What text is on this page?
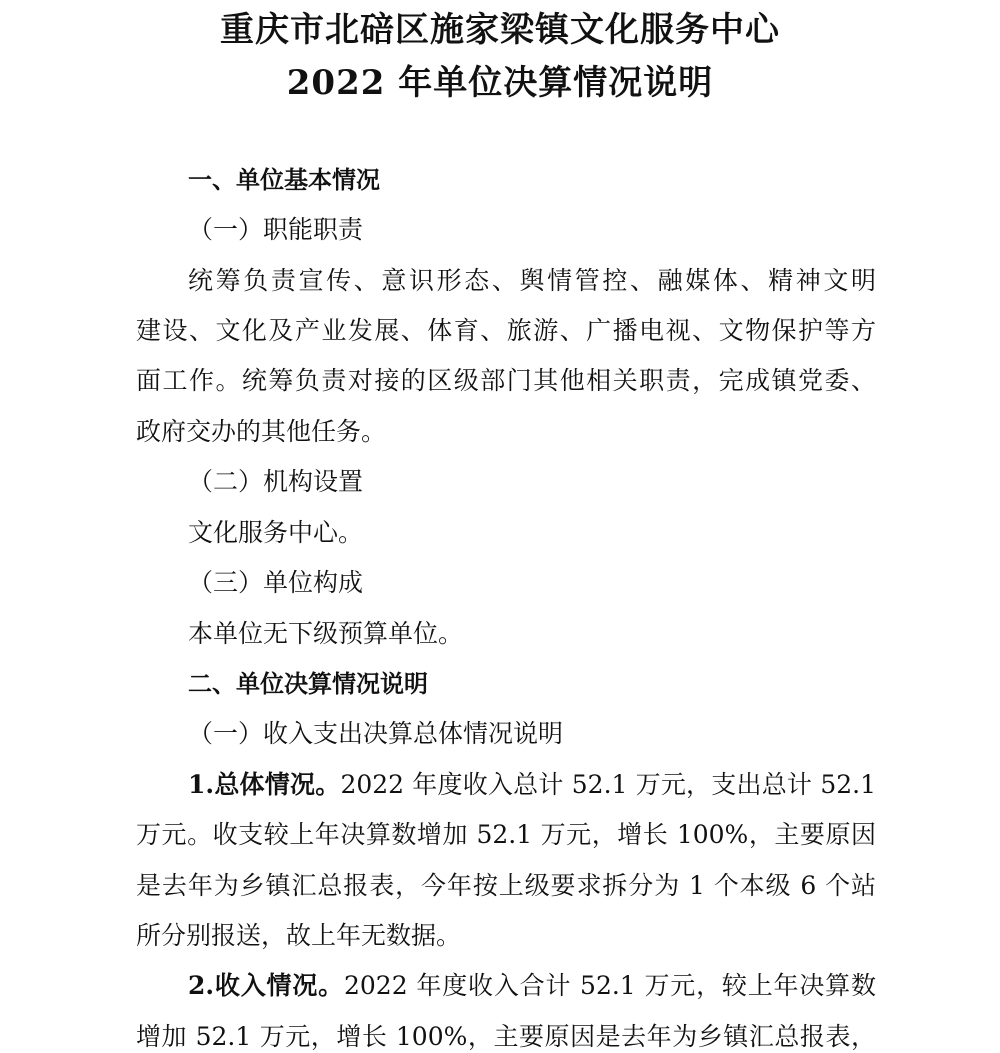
重庆市北碚区施家梁镇文化服务中心
2022 年单位决算情况说明
一、单位基本情况
（一）职能职责
统筹负责宣传、意识形态、舆情管控、融媒体、精神文明
建设、文化及产业发展、体育、旅游、广播电视、文物保护等方
面工作。统筹负责对接的区级部门其他相关职责，完成镇党委、
政府交办的其他任务。
（二）机构设置
文化服务中心。
（三）单位构成
本单位无下级预算单位。
二、单位决算情况说明
（一）收入支出决算总体情况说明
1.总体情况。2022 年度收入总计 52.1 万元，支出总计 52.1
万元。收支较上年决算数增加 52.1 万元，增长 100%，主要原因
是去年为乡镇汇总报表，今年按上级要求拆分为 1 个本级 6 个站
所分别报送，故上年无数据。
2.收入情况。2022 年度收入合计 52.1 万元，较上年决算数
增加 52.1 万元，增长 100%，主要原因是去年为乡镇汇总报表，
